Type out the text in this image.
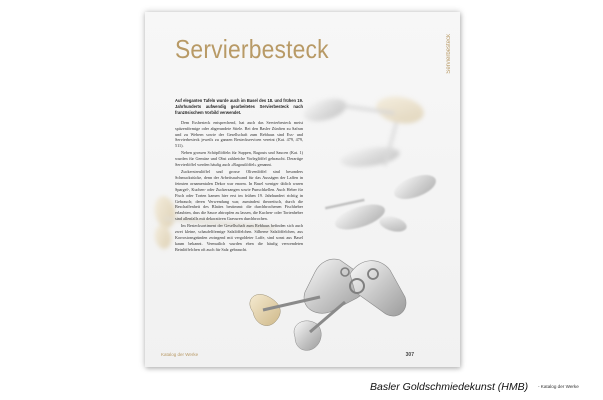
Servierbesteck	Servierbesteck

Auf eleganten Tafeln wurde auch im Basel des 18. und frühen 19. Jahrhunderts aufwendig gearbeitetes Servierbesteck nach französischem Vorbild verwendet.

Dem Essbesteck entsprechend, hat auch das Servierbesteck meist spitzenförmige oder abgerundete Stiele. Bei den Basler Zünften zu Safran und zu Webern sowie der Gesellschaft zum Rebhaus sind Ess- und Servierbesteck jeweils zu ganzen Besteckservicen vereint (Kat. 479, 479, 511).

Neben grossen Schöpflöffeln für Suppen, Ragouts und Saucen (Kat. 1) wurden für Gemüse und Obst zahlreiche Vorleglöffel gebraucht. Derartige Servierlöffel werden häufig auch «Ragoutlöffel» genannt.

Zuckerstreulöffel und grosse Olivenlöffel sind besonders Schmuckstücke, denn der Arbeitsaufwand für das Aussägen der Laffen in feinsten ornamentalen Dekor war enorm. In Basel weniger üblich waren Spargel-, Kuchen- oder Zuckerzangen sowie Punschkellen. Auch Heber für Fisch oder Torten kamen hier erst im frühen 19. Jahrhundert richtig in Gebrauch; deren Verwendung war, zumindest theoretisch, durch die Beschaffenheit des Blattes bestimmt: die durchbrochenen Fischheber erlaubten, dass die Sauce abtropfen zu lassen, die Kuchen- oder Tortenheber sind allenfalls mit dekorativen Gravuren durchbrochen.

Im Bestecksortiment der Gesellschaft zum Rebhaus befinden sich auch zwei kleine, schaufelförmige Salzlöffelchen. Silberne Salzlöffelchen, aus Korrosionsgründen zwingend mit vergoldeter Laffe, sind sonst aus Basel kaum bekannt. Vermutlich wurden eben die häufig verwendeten Beinlöffelchen oft auch für Salz gebraucht.

Katalog der Werke	307
Basler Goldschmiedekunst (HMB) - Katalog der Werke
